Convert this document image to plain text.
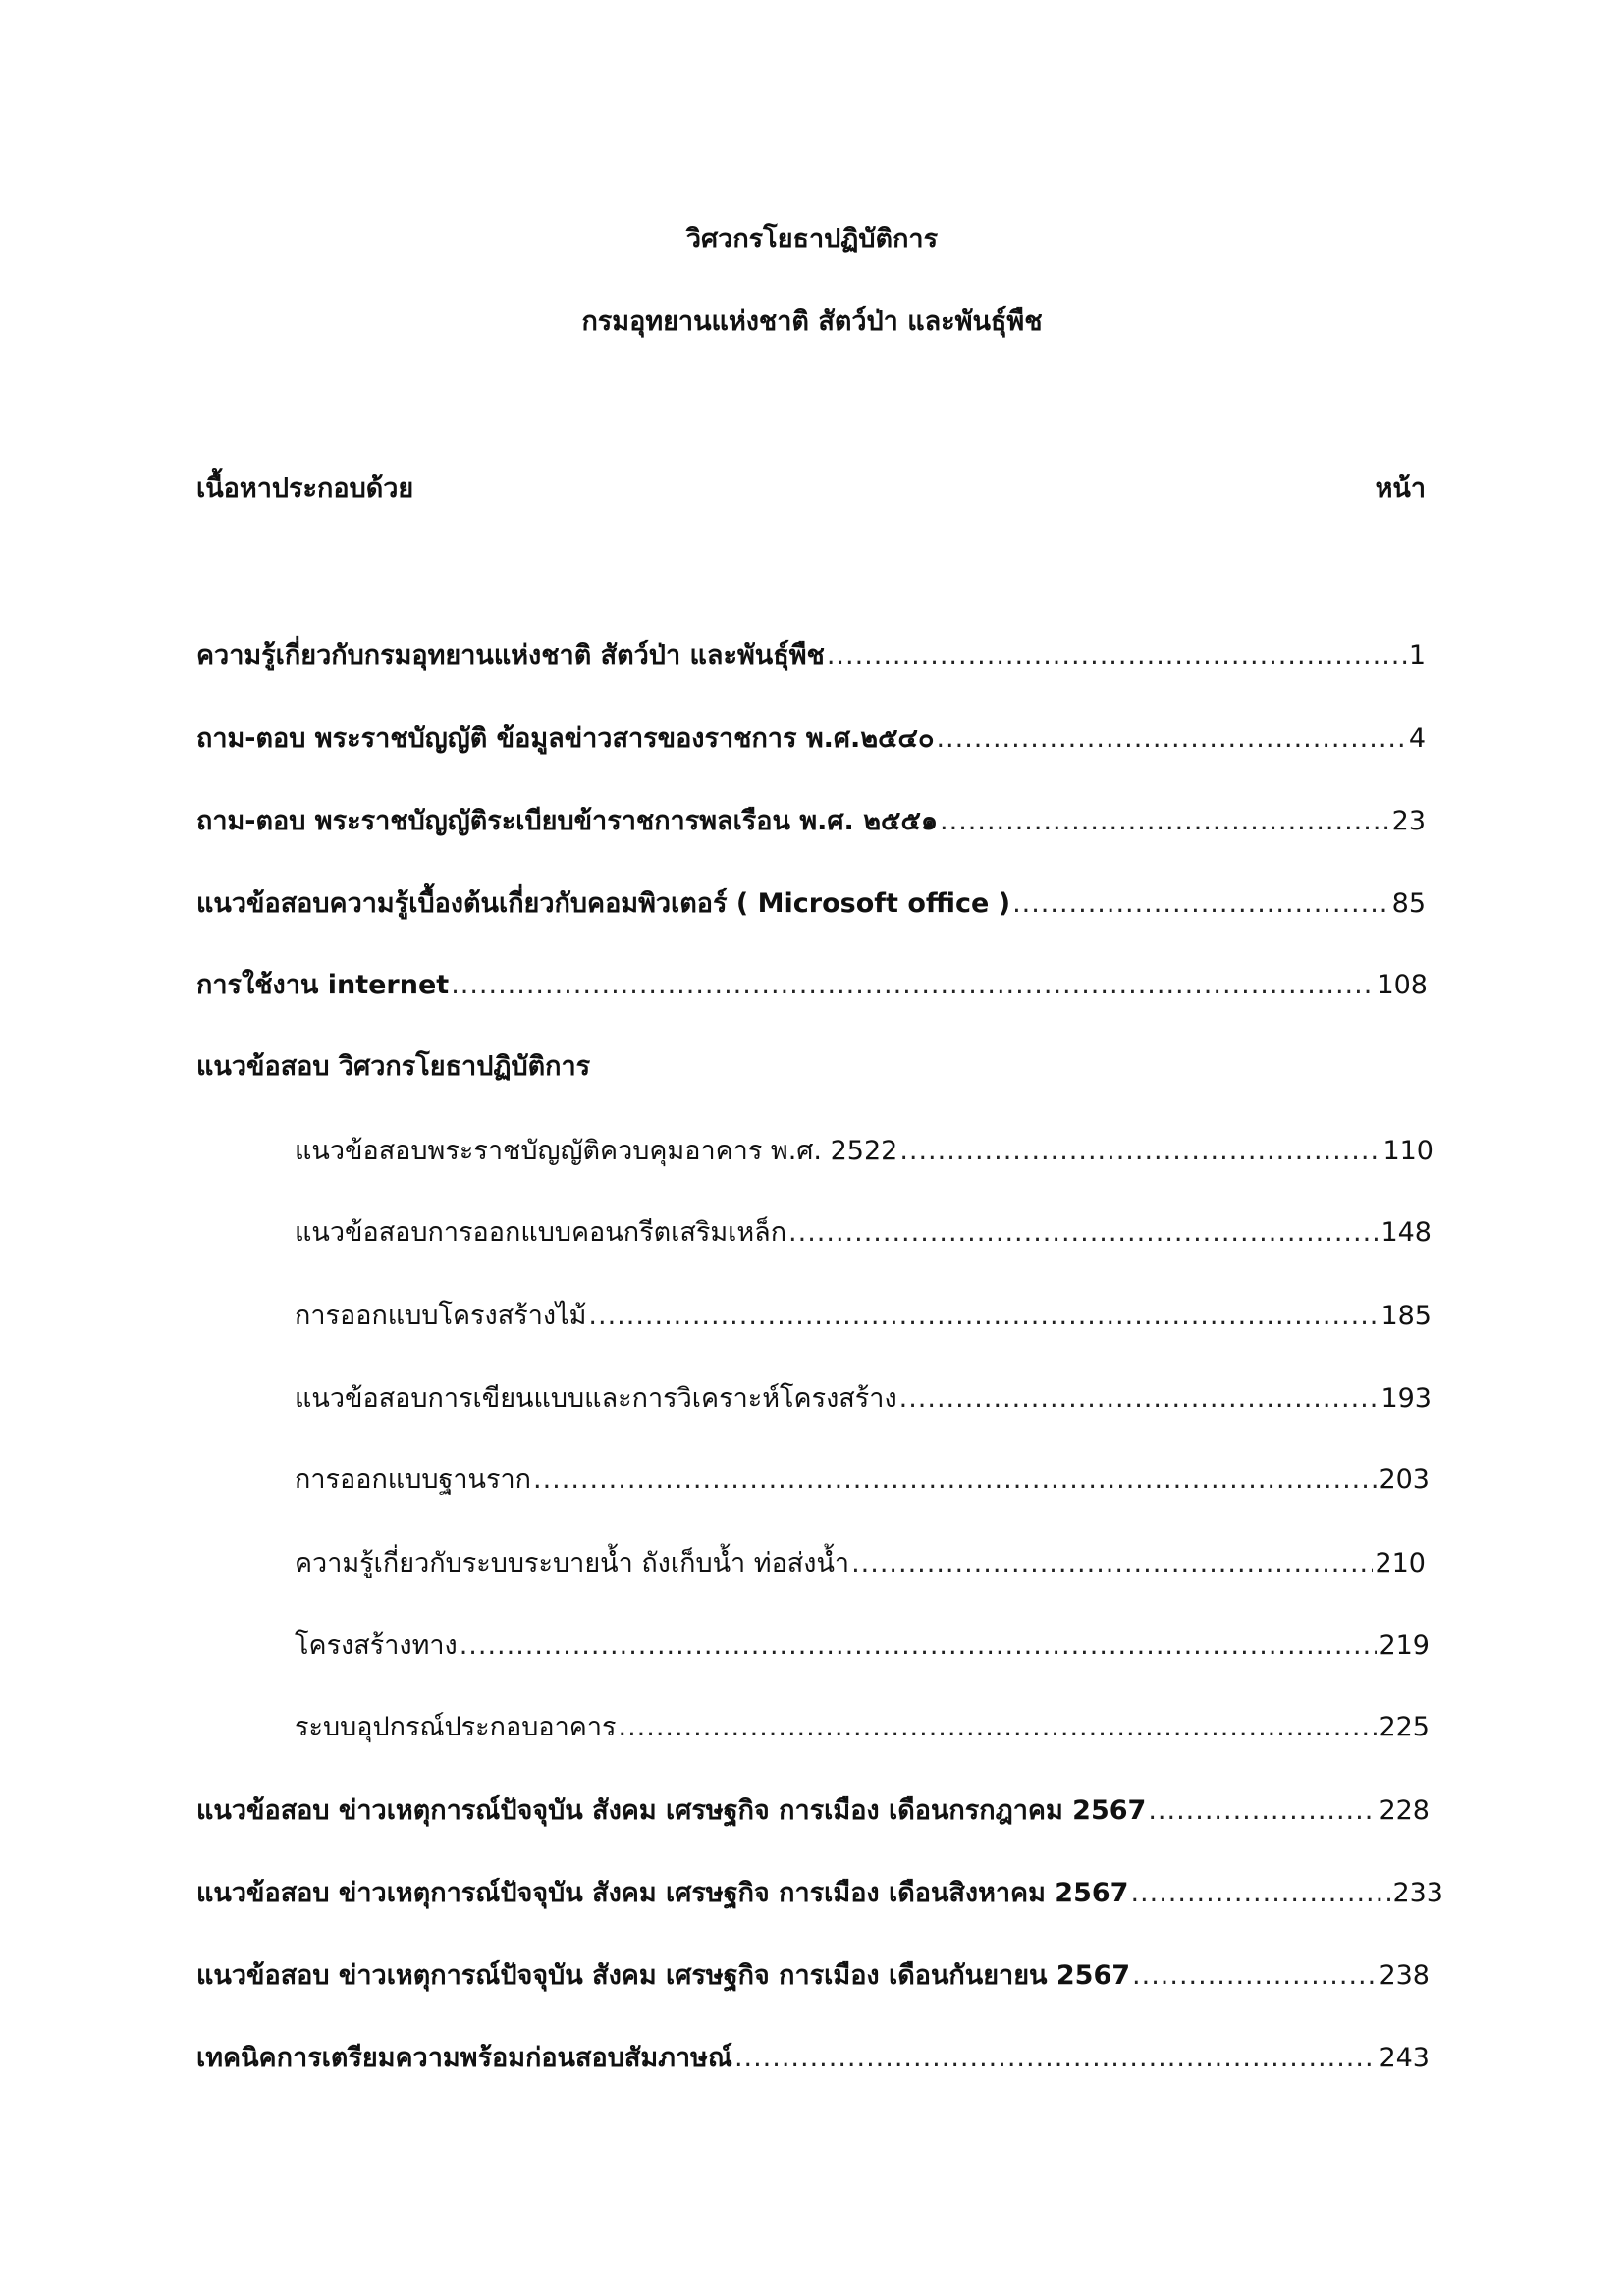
วิศวกรโยธาปฏิบัติการ
กรมอุทยานแห่งชาติ สัตว์ป่า และพันธุ์พืช
เนื้อหาประกอบด้วย	หน้า
ความรู้เกี่ยวกับกรมอุทยานแห่งชาติ สัตว์ป่า และพันธุ์พืช .....	1
ถาม-ตอบ พระราชบัญญัติ ข้อมูลข่าวสารของราชการ พ.ศ.๒๕๔๐ .....	4
ถาม-ตอบ พระราชบัญญัติระเบียบข้าราชการพลเรือน พ.ศ. ๒๕๕๑ .....	23
แนวข้อสอบความรู้เบื้องต้นเกี่ยวกับคอมพิวเตอร์ ( Microsoft office ) .....	85
การใช้งาน internet .....	108
แนวข้อสอบ วิศวกรโยธาปฏิบัติการ
แนวข้อสอบพระราชบัญญัติควบคุมอาคาร พ.ศ. 2522 .....	110
แนวข้อสอบการออกแบบคอนกรีตเสริมเหล็ก .....	148
การออกแบบโครงสร้างไม้ .....	185
แนวข้อสอบการเขียนแบบและการวิเคราะห์โครงสร้าง .....	193
การออกแบบฐานราก .....	203
ความรู้เกี่ยวกับระบบระบายน้ำ ถังเก็บน้ำ ท่อส่งน้ำ .....	210
โครงสร้างทาง .....	219
ระบบอุปกรณ์ประกอบอาคาร .....	225
แนวข้อสอบ ข่าวเหตุการณ์ปัจจุบัน สังคม เศรษฐกิจ การเมือง เดือนกรกฎาคม 2567 .....	228
แนวข้อสอบ ข่าวเหตุการณ์ปัจจุบัน สังคม เศรษฐกิจ การเมือง เดือนสิงหาคม 2567 .....	233
แนวข้อสอบ ข่าวเหตุการณ์ปัจจุบัน สังคม เศรษฐกิจ การเมือง เดือนกันยายน 2567 .....	238
เทคนิคการเตรียมความพร้อมก่อนสอบสัมภาษณ์ .....	243
